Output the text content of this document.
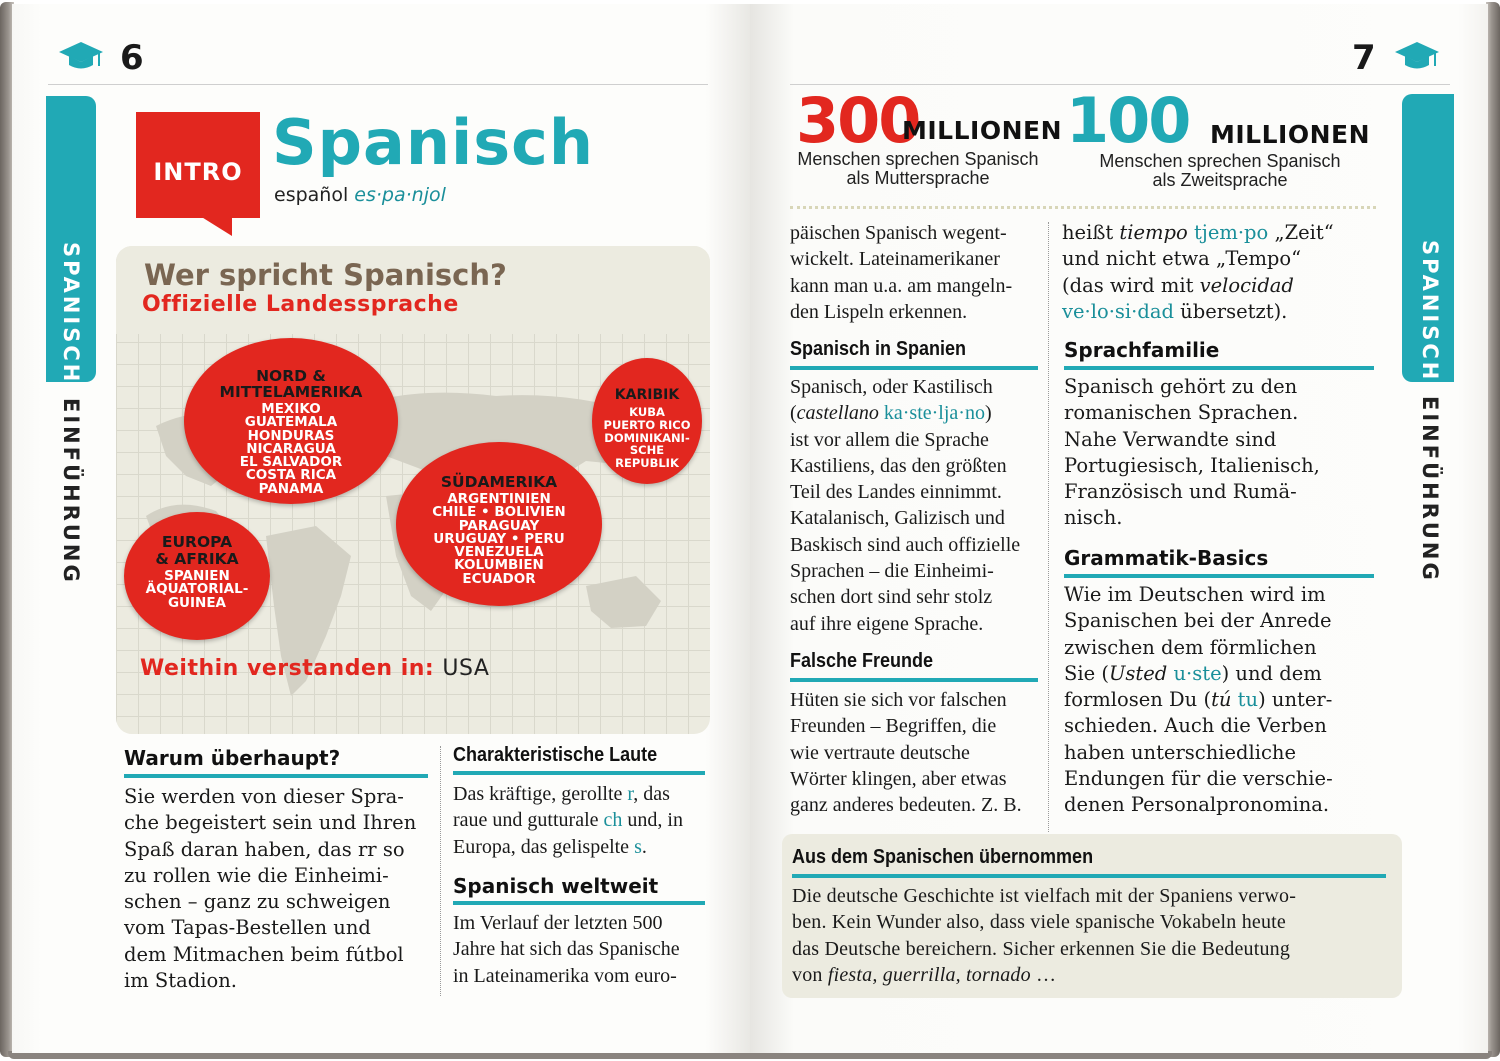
6
SPANISCH
EINFÜHRUNG
INTRO Spanisch
español es·pa·njol
Wer spricht Spanisch?
Offizielle Landessprache
NORD &
MITTELAMERIKA
MEXIKO
GUATEMALA
HONDURAS
NICARAGUA
EL SALVADOR
COSTA RICA
PANAMA
KARIBIK
KUBA
PUERTO RICO
DOMINIKANI-
SCHE
REPUBLIK
SÜDAMERIKA
ARGENTINIEN
CHILE • BOLIVIEN
PARAGUAY
URUGUAY • PERU
VENEZUELA
KOLUMBIEN
ECUADOR
EUROPA
& AFRIKA
SPANIEN
ÄQUATORIAL-
GUINEA
Weithin verstanden in: USA
Warum überhaupt?
Sie werden von dieser Spra-
che begeistert sein und Ihren
Spaß daran haben, das rr so
zu rollen wie die Einheimi-
schen – ganz zu schweigen
vom Tapas-Bestellen und
dem Mitmachen beim fútbol
im Stadion.
Charakteristische Laute
Das kräftige, gerollte r, das
raue und gutturale ch und, in
Europa, das gelispelte s.
Spanisch weltweit
Im Verlauf der letzten 500
Jahre hat sich das Spanische
in Lateinamerika vom euro-
7
SPANISCH
EINFÜHRUNG
300
MILLIONEN
Menschen sprechen Spanisch
als Muttersprache
100 MILLIONEN
Menschen sprechen Spanisch
als Zweitsprache
päischen Spanisch wegent-
wickelt. Lateinamerikaner
kann man u.a. am mangeln-
den Lispeln erkennen.
Spanisch in Spanien
Spanisch, oder Kastilisch
(castellano ka·ste·lja·no)
ist vor allem die Sprache
Kastiliens, das den größten
Teil des Landes einnimmt.
Katalanisch, Galizisch und
Baskisch sind auch offizielle
Sprachen – die Einheimi-
schen dort sind sehr stolz
auf ihre eigene Sprache.
Falsche Freunde
Hüten sie sich vor falschen
Freunden – Begriffen, die
wie vertraute deutsche
Wörter klingen, aber etwas
ganz anderes bedeuten. Z. B.
heißt tiempo tjem·po „Zeit“
und nicht etwa „Tempo“
(das wird mit velocidad
ve·lo·si·dad übersetzt).
Sprachfamilie
Spanisch gehört zu den
romanischen Sprachen.
Nahe Verwandte sind
Portugiesisch, Italienisch,
Französisch und Rumä-
nisch.
Grammatik-Basics
Wie im Deutschen wird im
Spanischen bei der Anrede
zwischen dem förmlichen
Sie (Usted u·ste) und dem
formlosen Du (tú tu) unter-
schieden. Auch die Verben
haben unterschiedliche
Endungen für die verschie-
denen Personalpronomina.
Aus dem Spanischen übernommen
Die deutsche Geschichte ist vielfach mit der Spaniens verwo-
ben. Kein Wunder also, dass viele spanische Vokabeln heute
das Deutsche bereichern. Sicher erkennen Sie die Bedeutung
von fiesta, guerrilla, tornado …
